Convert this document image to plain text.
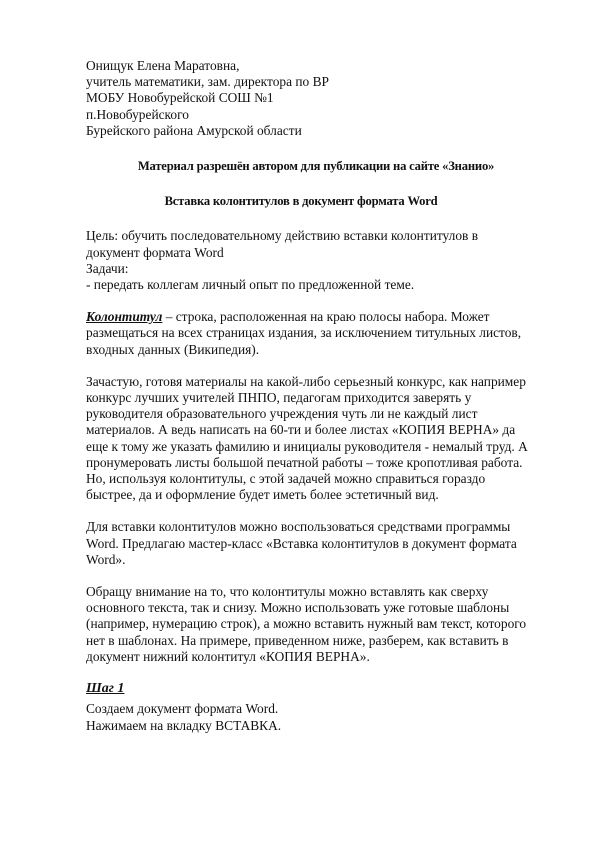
Онищук Елена Маратовна,
учитель математики, зам. директора по ВР
МОБУ Новобурейской СОШ №1
п.Новобурейского
Бурейского района Амурской области
Материал разрешён автором для публикации на сайте «Знанио»
Вставка колонтитулов в документ формата Word
Цель: обучить последовательному действию вставки колонтитулов в
документ формата Word
Задачи:
- передать коллегам личный опыт по предложенной теме.
Колонтитул – строка, расположенная на краю полосы набора. Может
размещаться на всех страницах издания, за исключением титульных листов,
входных данных (Википедия).
Зачастую, готовя материалы на какой-либо серьезный конкурс, как например
конкурс лучших учителей ПНПО, педагогам приходится заверять у
руководителя образовательного учреждения чуть ли не каждый лист
материалов. А ведь написать на 60-ти и более листах «КОПИЯ ВЕРНА» да
еще к тому же указать фамилию и инициалы руководителя - немалый труд. А
пронумеровать листы большой печатной работы – тоже кропотливая работа.
Но, используя колонтитулы, с этой задачей можно справиться гораздо
быстрее, да и оформление будет иметь более эстетичный вид.
Для вставки колонтитулов можно воспользоваться средствами программы
Word. Предлагаю мастер-класс «Вставка колонтитулов в документ формата
Word».
Обращу внимание на то, что колонтитулы можно вставлять как сверху
основного текста, так и снизу. Можно использовать уже готовые шаблоны
(например, нумерацию строк), а можно вставить нужный вам текст, которого
нет в шаблонах. На примере, приведенном ниже, разберем, как вставить в
документ нижний колонтитул «КОПИЯ ВЕРНА».
Шаг 1
Создаем документ формата Word.
Нажимаем на вкладку ВСТАВКА.
